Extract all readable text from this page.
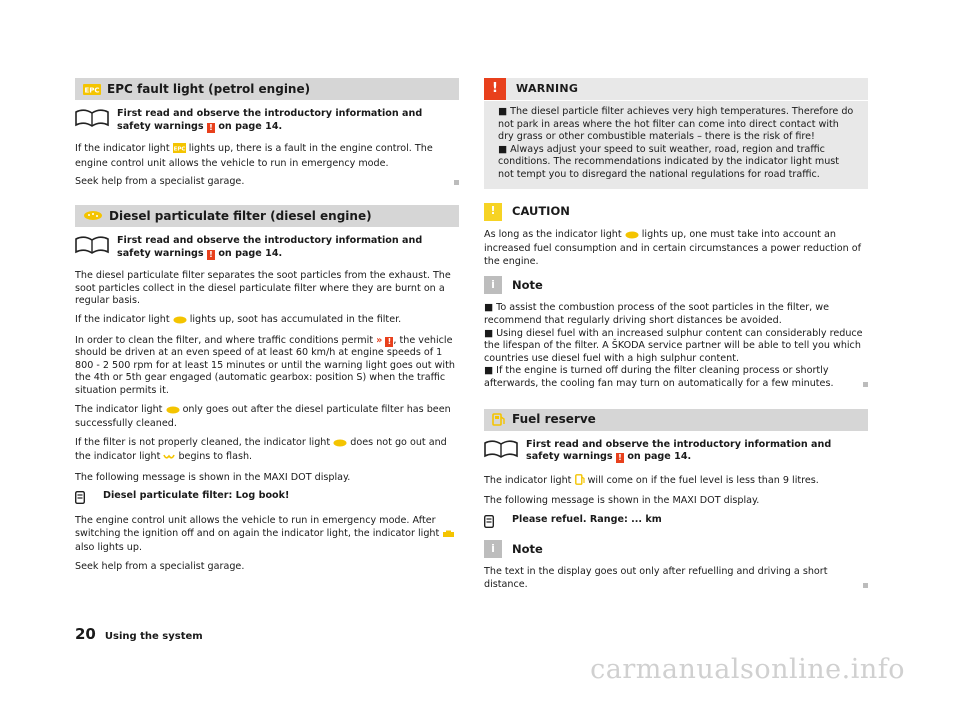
EPC EPC fault light (petrol engine)
First read and observe the introductory information and safety warnings ! on page 14.

If the indicator light EPC lights up, there is a fault in the engine control. The engine control unit allows the vehicle to run in emergency mode.

Seek help from a specialist garage.

Diesel particulate filter (diesel engine)
First read and observe the introductory information and safety warnings ! on page 14.

The diesel particulate filter separates the soot particles from the exhaust. The soot particles collect in the diesel particulate filter where they are burnt on a regular basis.

If the indicator light lights up, soot has accumulated in the filter.

In order to clean the filter, and where traffic conditions permit » ! , the vehicle should be driven at an even speed of at least 60 km/h at engine speeds of 1 800 - 2 500 rpm for at least 15 minutes or until the warning light goes out with the 4th or 5th gear engaged (automatic gearbox: position S) when the traffic situation permits it.

The indicator light only goes out after the diesel particulate filter has been successfully cleaned.

If the filter is not properly cleaned, the indicator light does not go out and the indicator light begins to flash.

The following message is shown in the MAXI DOT display.

Diesel particulate filter: Log book!

The engine control unit allows the vehicle to run in emergency mode. After switching the ignition off and on again the indicator light, the indicator light  also lights up.

Seek help from a specialist garage.

!	WARNING

■ The diesel particle filter achieves very high temperatures. Therefore do not park in areas where the hot filter can come into direct contact with dry grass or other combustible materials – there is the risk of fire!

■ Always adjust your speed to suit weather, road, region and traffic conditions. The recommendations indicated by the indicator light must not tempt you to disregard the national regulations for road traffic.

!	CAUTION

As long as the indicator light lights up, one must take into account an increased fuel consumption and in certain circumstances a power reduction of the engine.

i	Note

■ To assist the combustion process of the soot particles in the filter, we recommend that regularly driving short distances be avoided.

■ Using diesel fuel with an increased sulphur content can considerably reduce the lifespan of the filter. A ŠKODA service partner will be able to tell you which countries use diesel fuel with a high sulphur content.

■ If the engine is turned off during the filter cleaning process or shortly afterwards, the cooling fan may turn on automatically for a few minutes.

Fuel reserve
First read and observe the introductory information and safety warnings ! on page 14.

The indicator light will come on if the fuel level is less than 9 litres.

The following message is shown in the MAXI DOT display.

Please refuel. Range: ... km
i	Note

The text in the display goes out only after refuelling and driving a short distance.

20 Using the system
carmanualsonline.info
